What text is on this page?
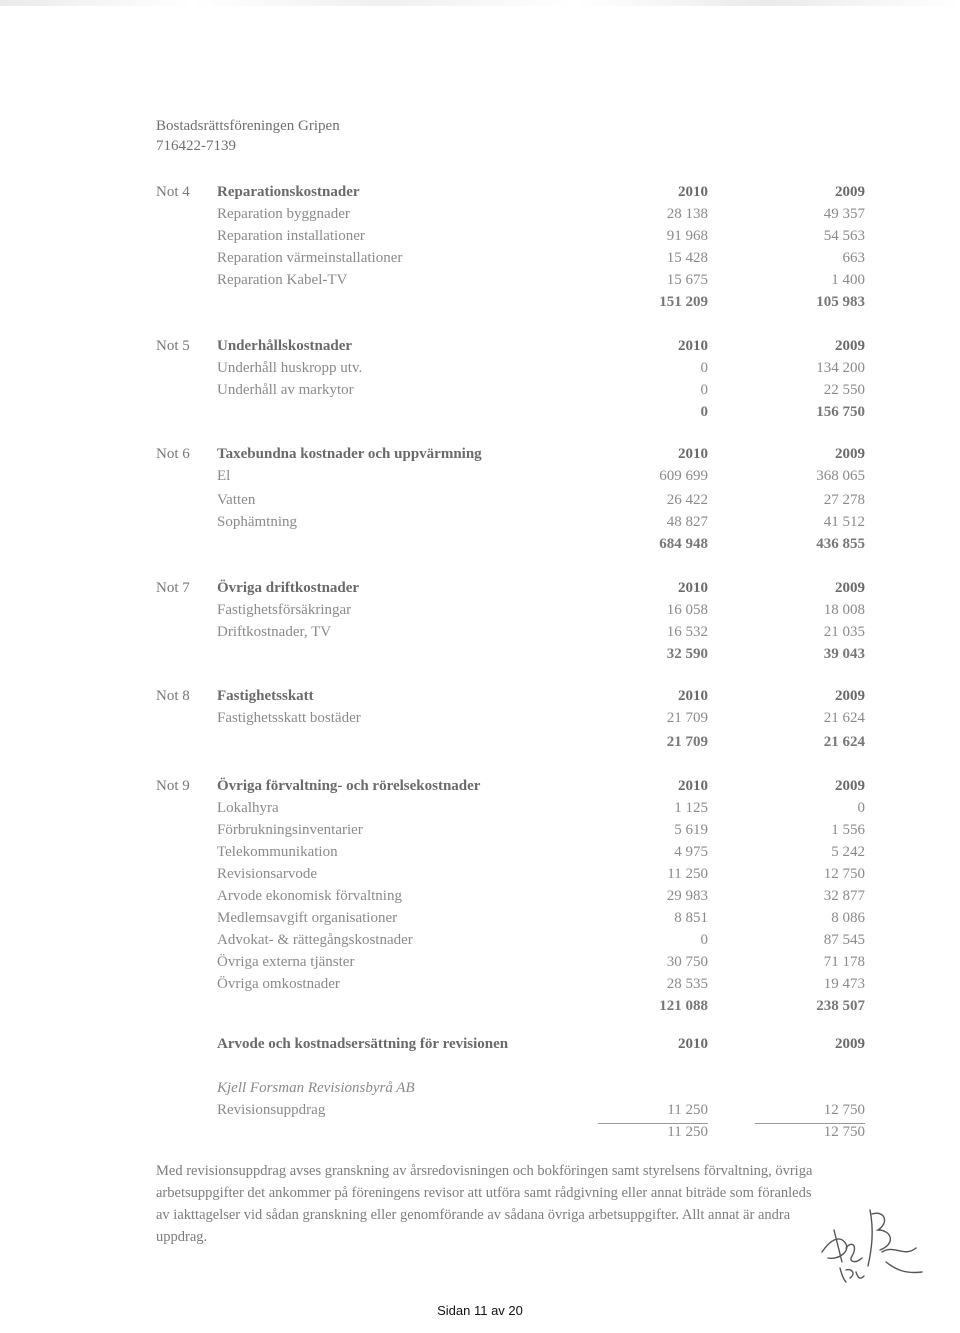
Bostadsrättsföreningen Gripen
716422-7139
Not 4 Reparationskostnader	2010	2009
Reparation byggnader	28 138	49 357
Reparation installationer	91 968	54 563
Reparation värmeinstallationer	15 428	663
Reparation Kabel-TV	15 675	1 400
151 209	105 983
Not 5 Underhållskostnader	2010	2009
Underhåll huskropp utv.	0	134 200
Underhåll av markytor	0	22 550
0	156 750
Not 6 Taxebundna kostnader och uppvärmning	2010	2009
El	609 699	368 065
Vatten	26 422	27 278
Sophämtning	48 827	41 512
684 948	436 855
Not 7 Övriga driftkostnader	2010	2009
Fastighetsförsäkringar	16 058	18 008
Driftkostnader, TV	16 532	21 035
32 590	39 043
Not 8 Fastighetsskatt	2010	2009
Fastighetsskatt bostäder	21 709	21 624
21 709	21 624
Not 9 Övriga förvaltning- och rörelsekostnader	2010	2009
Lokalhyra	1 125	0
Förbrukningsinventarier	5 619	1 556
Telekommunikation	4 975	5 242
Revisionsarvode	11 250	12 750
Arvode ekonomisk förvaltning	29 983	32 877
Medlemsavgift organisationer	8 851	8 086
Advokat- & rättegångskostnader	0	87 545
Övriga externa tjänster	30 750	71 178
Övriga omkostnader	28 535	19 473
121 088	238 507
Arvode och kostnadsersättning för revisionen	2010	2009
Kjell Forsman Revisionsbyrå AB
Revisionsuppdrag	11 250	12 750
11 250	12 750
Med revisionsuppdrag avses granskning av årsredovisningen och bokföringen samt styrelsens förvaltning, övriga arbetsuppgifter det ankommer på föreningens revisor att utföra samt rådgivning eller annat biträde som föranleds av iakttagelser vid sådan granskning eller genomförande av sådana övriga arbetsuppgifter. Allt annat är andra uppdrag.
Sidan 11 av 20
